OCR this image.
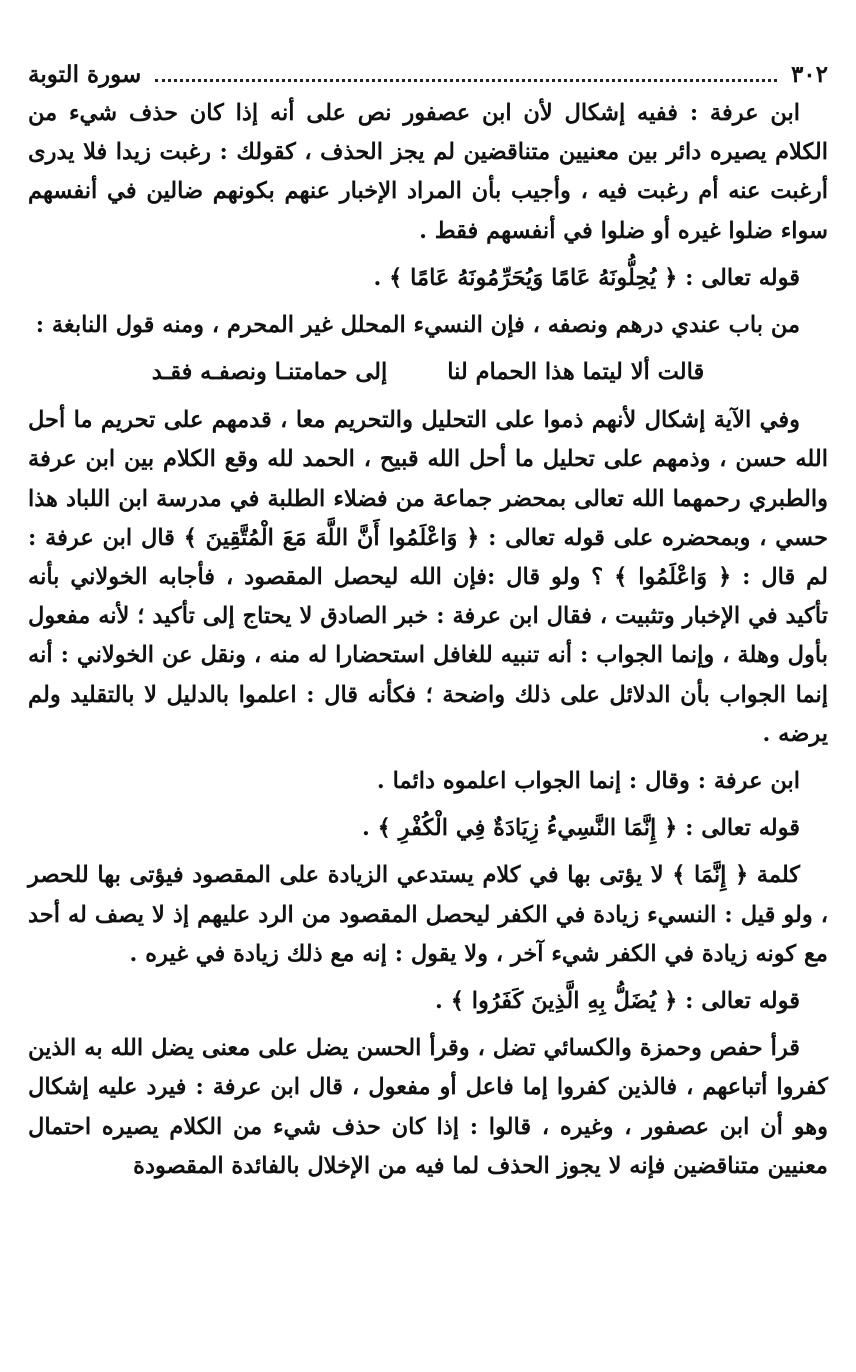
٣٠٢
سورة التوبة

ابن عرفة : ففيه إشكال لأن ابن عصفور نص على أنه إذا كان حذف شيء من الكلام يصيره دائر بين معنيين متناقضين لم يجز الحذف ، كقولك : رغبت زيدا فلا يدرى أرغبت عنه أم رغبت فيه ، وأجيب بأن المراد الإخبار عنهم بكونهم ضالين في أنفسهم سواء ضلوا غيره أو ضلوا في أنفسهم فقط .

قوله تعالى : ﴿ يُحِلُّونَهُ عَامًا وَيُحَرِّمُونَهُ عَامًا ﴾ .

من باب عندي درهم ونصفه ، فإن النسيء المحلل غير المحرم ، ومنه قول النابغة :

قالت ألا ليتما هذا الحمام لنا
إلى حمامتنـا ونصفـه فقـد

وفي الآية إشكال لأنهم ذموا على التحليل والتحريم معا ، قدمهم على تحريم ما أحل الله حسن ، وذمهم على تحليل ما أحل الله قبيح ، الحمد لله وقع الكلام بين ابن عرفة والطبري رحمهما الله تعالى بمحضر جماعة من فضلاء الطلبة في مدرسة ابن اللباد هذا حسي ، وبمحضره على قوله تعالى : ﴿ وَاعْلَمُوا أَنَّ اللَّهَ مَعَ الْمُتَّقِينَ ﴾ قال ابن عرفة : لم قال : ﴿ وَاعْلَمُوا ﴾ ؟ ولو قال :فإن الله ليحصل المقصود ، فأجابه الخولاني بأنه تأكيد في الإخبار وتثبيت ، فقال ابن عرفة : خبر الصادق لا يحتاج إلى تأكيد ؛ لأنه مفعول بأول وهلة ، وإنما الجواب : أنه تنبيه للغافل استحضارا له منه ، ونقل عن الخولاني : أنه إنما الجواب بأن الدلائل على ذلك واضحة ؛ فكأنه قال : اعلموا بالدليل لا بالتقليد ولم يرضه .

ابن عرفة : وقال : إنما الجواب اعلموه دائما .

قوله تعالى : ﴿ إِنَّمَا النَّسِيءُ زِيَادَةٌ فِي الْكُفْرِ ﴾ .

كلمة ﴿ إِنَّمَا ﴾ لا يؤتى بها في كلام يستدعي الزيادة على المقصود فيؤتى بها للحصر ، ولو قيل : النسيء زيادة في الكفر ليحصل المقصود من الرد عليهم إذ لا يصف له أحد مع كونه زيادة في الكفر شيء آخر ، ولا يقول : إنه مع ذلك زيادة في غيره .

قوله تعالى : ﴿ يُضَلُّ بِهِ الَّذِينَ كَفَرُوا ﴾ .

قرأ حفص وحمزة والكسائي تضل ، وقرأ الحسن يضل على معنى يضل الله به الذين كفروا أتباعهم ، فالذين كفروا إما فاعل أو مفعول ، قال ابن عرفة : فيرد عليه إشكال وهو أن ابن عصفور ، وغيره ، قالوا : إذا كان حذف شيء من الكلام يصيره احتمال معنيين متناقضين فإنه لا يجوز الحذف لما فيه من الإخلال بالفائدة المقصودة
